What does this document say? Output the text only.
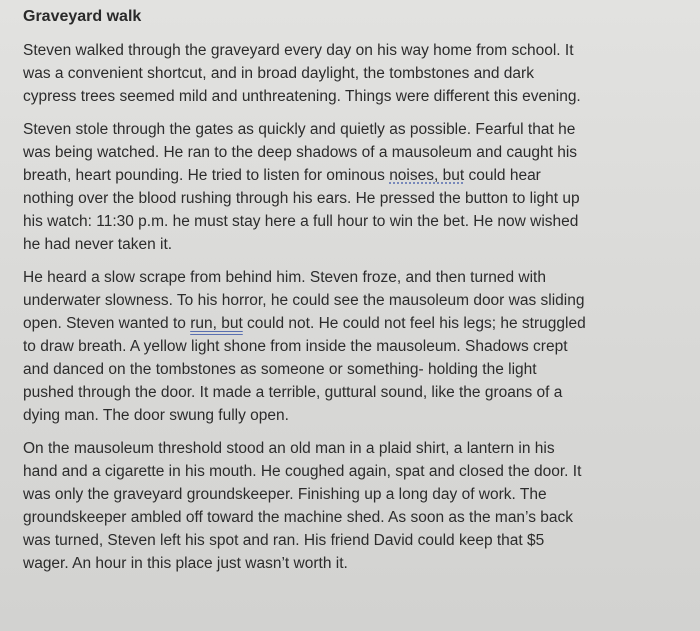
Graveyard walk
Steven walked through the graveyard every day on his way home from school. It
was a convenient shortcut, and in broad daylight, the tombstones and dark
cypress trees seemed mild and unthreatening. Things were different this evening.
Steven stole through the gates as quickly and quietly as possible. Fearful that he
was being watched. He ran to the deep shadows of a mausoleum and caught his
breath, heart pounding. He tried to listen for ominous noises, but could hear
nothing over the blood rushing through his ears. He pressed the button to light up
his watch: 11:30 p.m. he must stay here a full hour to win the bet. He now wished
he had never taken it.
He heard a slow scrape from behind him. Steven froze, and then turned with
underwater slowness. To his horror, he could see the mausoleum door was sliding
open. Steven wanted to run, but could not. He could not feel his legs; he struggled
to draw breath. A yellow light shone from inside the mausoleum. Shadows crept
and danced on the tombstones as someone or something- holding the light
pushed through the door. It made a terrible, guttural sound, like the groans of a
dying man. The door swung fully open.
On the mausoleum threshold stood an old man in a plaid shirt, a lantern in his
hand and a cigarette in his mouth. He coughed again, spat and closed the door. It
was only the graveyard groundskeeper. Finishing up a long day of work. The
groundskeeper ambled off toward the machine shed. As soon as the man’s back
was turned, Steven left his spot and ran. His friend David could keep that $5
wager. An hour in this place just wasn’t worth it.
